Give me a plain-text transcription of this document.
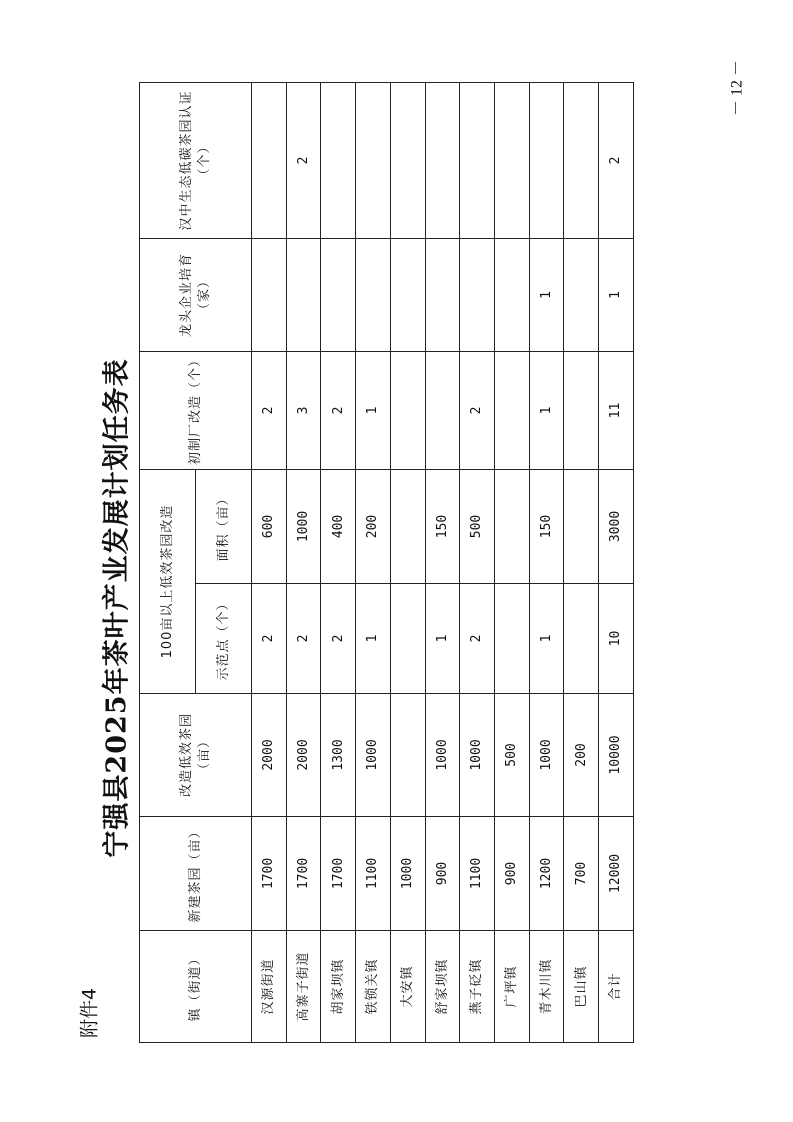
－ 12 －
附件4
宁强县2025年茶叶产业发展计划任务表
镇（街道）	新建茶园（亩）	改造低效茶园（亩）	100亩以上低效茶园改造		初制厂改造（个）	龙头企业培育（家）	汉中生态低碳茶园认证（个）
			示范点（个）	面积（亩）			
汉源街道	1700	2000	2	600	2		
高寨子街道	1700	2000	2	1000	3		2
胡家坝镇	1700	1300	2	400	2		
铁锁关镇	1100	1000	1	200	1		
大安镇	1000						
舒家坝镇	900	1000	1	150			
燕子砭镇	1100	1000	2	500	2		
广坪镇	900	500					
青木川镇	1200	1000	1	150	1	1	
巴山镇	700	200					
合计	12000	10000	10	3000	11	1	2
